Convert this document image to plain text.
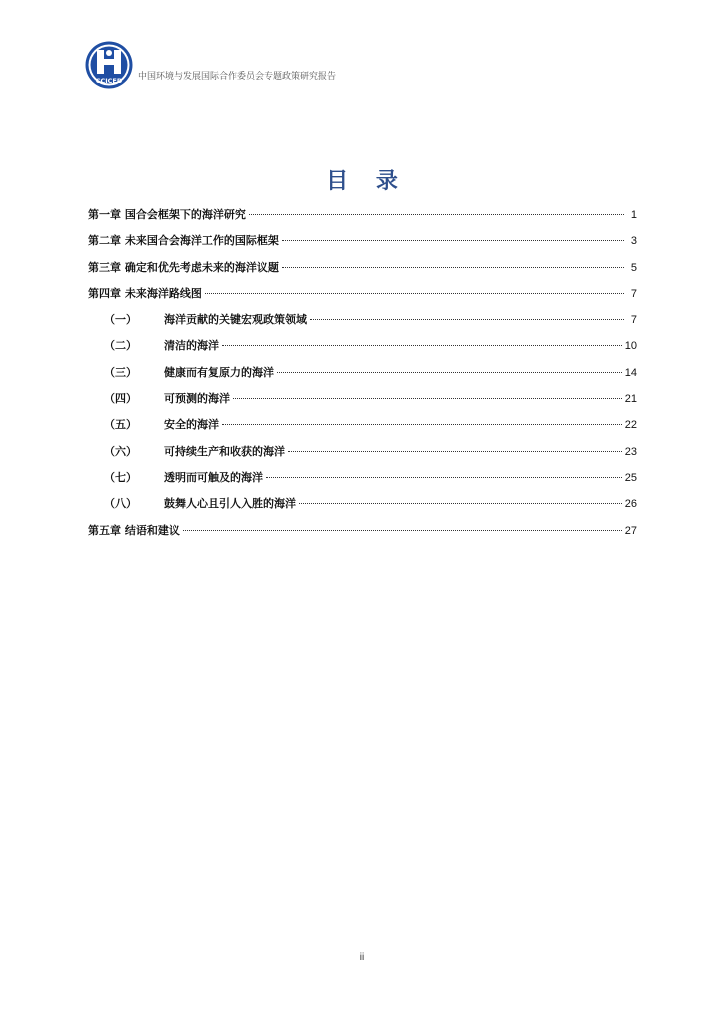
CCICED 中国环境与发展国际合作委员会专题政策研究报告
目 录
第一章 国合会框架下的海洋研究	1
第二章 未来国合会海洋工作的国际框架	3
第三章 确定和优先考虑未来的海洋议题	5
第四章 未来海洋路线图	7
（一）	海洋贡献的关键宏观政策领域	7
（二）	清洁的海洋	10
（三）	健康而有复原力的海洋	14
（四）	可预测的海洋	21
（五）	安全的海洋	22
（六）	可持续生产和收获的海洋	23
（七）	透明而可触及的海洋	25
（八）	鼓舞人心且引人入胜的海洋	26
第五章 结语和建议	27
ii
